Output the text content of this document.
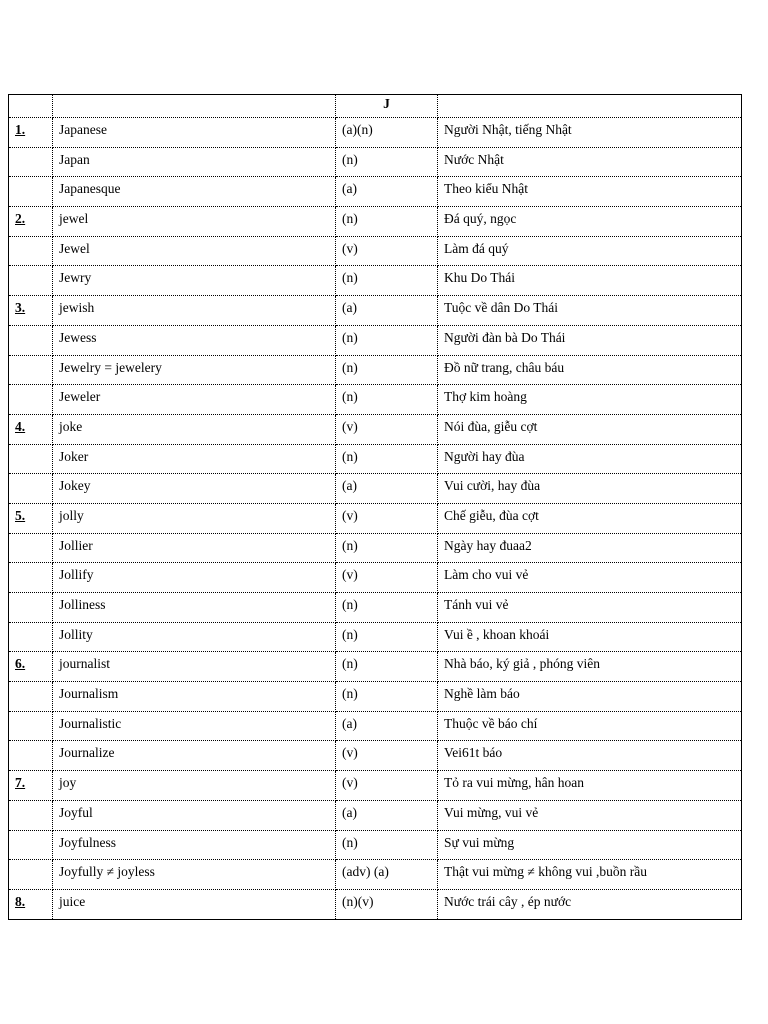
		J	
1.	Japanese	(a)(n)	Người Nhật, tiếng Nhật
	Japan	(n)	Nước Nhật
	Japanesque	(a)	Theo kiểu Nhật
2.	jewel	(n)	Đá quý, ngọc
	Jewel	(v)	Làm đá quý
	Jewry	(n)	Khu Do Thái
3.	jewish	(a)	Tuộc về dân Do Thái
	Jewess	(n)	Người đàn bà Do Thái
	Jewelry = jewelery	(n)	Đồ nữ trang, châu báu
	Jeweler	(n)	Thợ kim hoàng
4.	joke	(v)	Nói đùa, giễu cợt
	Joker	(n)	Người hay đùa
	Jokey	(a)	Vui cười, hay đùa
5.	jolly	(v)	Chế giễu, đùa cợt
	Jollier	(n)	Ngày hay đuaa2
	Jollify	(v)	Làm cho vui vẻ
	Jolliness	(n)	Tánh vui vẻ
	Jollity	(n)	Vui ề , khoan khoái
6.	journalist	(n)	Nhà báo, ký giả , phóng viên
	Journalism	(n)	Nghề làm báo
	Journalistic	(a)	Thuộc về báo chí
	Journalize	(v)	Vei61t báo
7.	joy	(v)	Tỏ ra vui mừng, hân hoan
	Joyful	(a)	Vui mừng, vui vẻ
	Joyfulness	(n)	Sự vui mừng
	Joyfully ≠ joyless	(adv) (a)	Thật vui mừng ≠ không vui ,buồn rầu
8.	juice	(n)(v)	Nước trái cây , ép nước
